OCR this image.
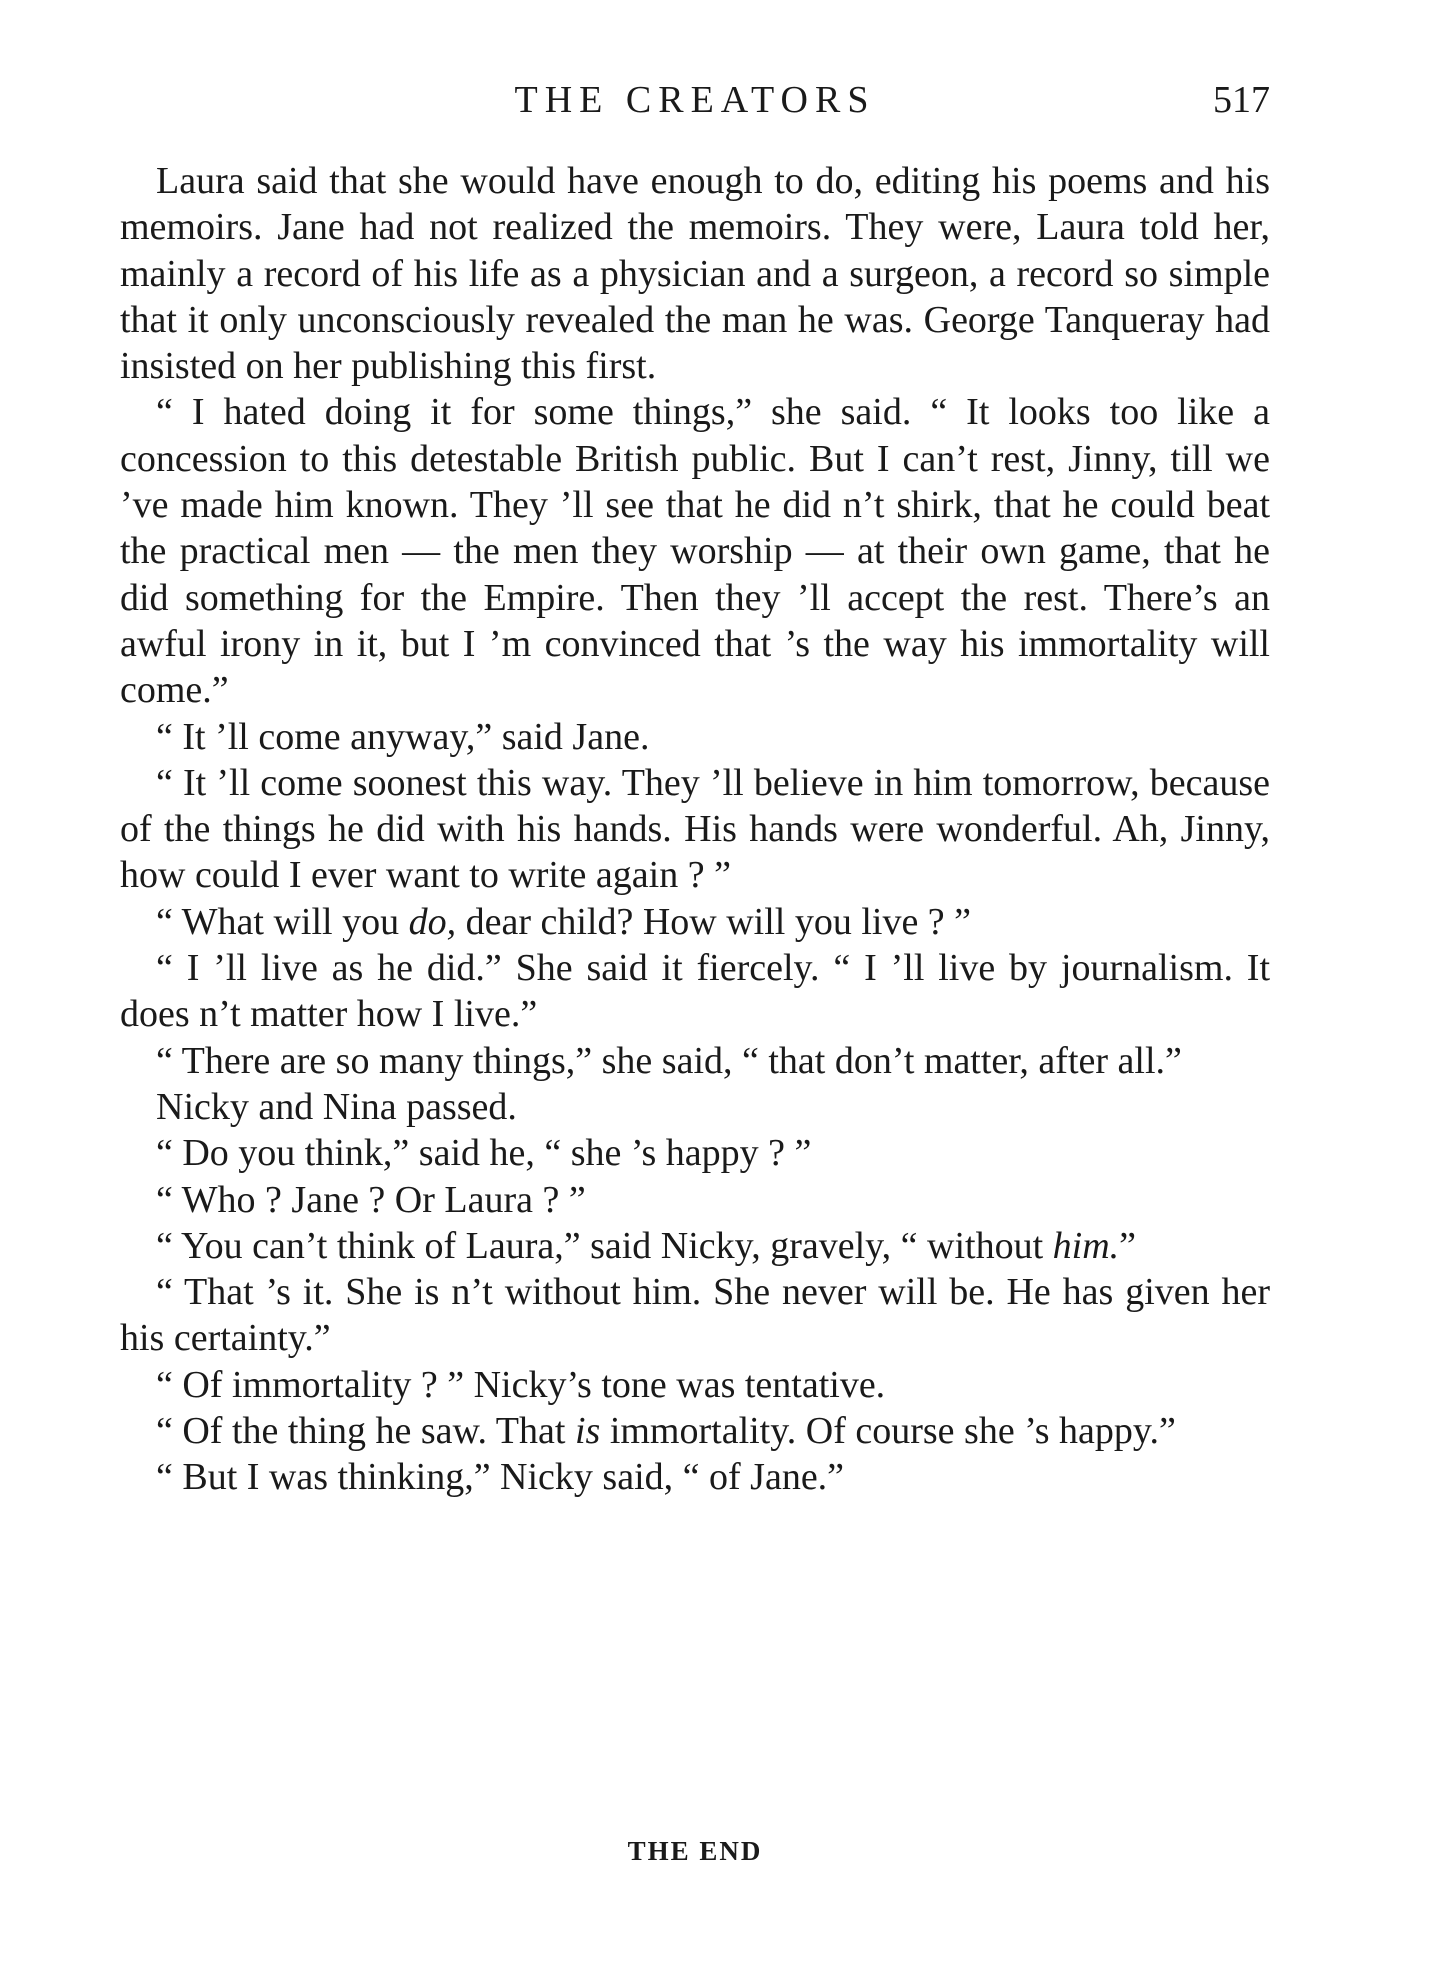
THE CREATORS	517

Laura said that she would have enough to do, editing his poems and his memoirs. Jane had not realized the memoirs. They were, Laura told her, mainly a record of his life as a physician and a surgeon, a record so simple that it only unconsciously revealed the man he was. George Tanqueray had insisted on her publishing this first.

“ I hated doing it for some things,” she said. “ It looks too like a concession to this detestable British public. But I can’t rest, Jinny, till we ’ve made him known. They ’ll see that he did n’t shirk, that he could beat the practical men — the men they worship — at their own game, that he did something for the Empire. Then they ’ll accept the rest. There’s an awful irony in it, but I ’m convinced that ’s the way his immortality will come.”

“ It ’ll come anyway,” said Jane.

“ It ’ll come soonest this way. They ’ll believe in him tomorrow, because of the things he did with his hands. His hands were wonderful. Ah, Jinny, how could I ever want to write again ? ”

“ What will you do, dear child? How will you live ? ”

“ I ’ll live as he did.” She said it fiercely. “ I ’ll live by journalism. It does n’t matter how I live.”

“ There are so many things,” she said, “ that don’t matter, after all.”

Nicky and Nina passed.

“ Do you think,” said he, “ she ’s happy ? ”

“ Who ? Jane ? Or Laura ? ”

“ You can’t think of Laura,” said Nicky, gravely, “ without him.”

“ That ’s it. She is n’t without him. She never will be. He has given her his certainty.”

“ Of immortality ? ” Nicky’s tone was tentative.

“ Of the thing he saw. That is immortality. Of course she ’s happy.”

“ But I was thinking,” Nicky said, “ of Jane.”

THE END
